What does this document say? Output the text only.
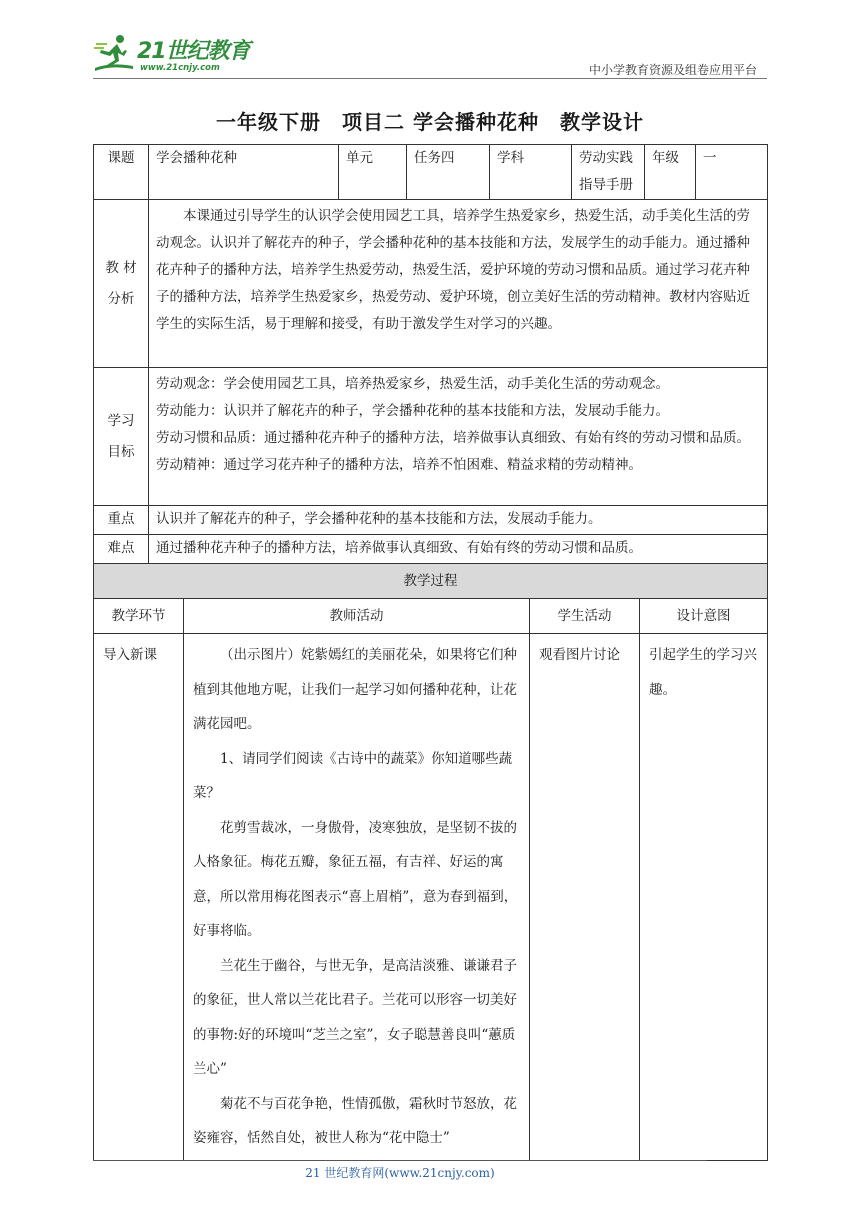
21世纪教育
www.21cnjy.com	中小学教育资源及组卷应用平台
一年级下册　项目二 学会播种花种　教学设计
课题	学会播种花种	单元	任务四	学科	劳动实践指导手册	年级	一
教 材 分析	本课通过引导学生的认识学会使用园艺工具，培养学生热爱家乡，热爱生活，动手美化生活的劳动观念。认识并了解花卉的种子，学会播种花种的基本技能和方法，发展学生的动手能力。通过播种花卉种子的播种方法，培养学生热爱劳动，热爱生活，爱护环境的劳动习惯和品质。通过学习花卉种子的播种方法，培养学生热爱家乡，热爱劳动、爱护环境，创立美好生活的劳动精神。教材内容贴近学生的实际生活，易于理解和接受，有助于激发学生对学习的兴趣。						

学习目标	劳动观念：学会使用园艺工具，培养热爱家乡，热爱生活，动手美化生活的劳动观念。
劳动能力：认识并了解花卉的种子，学会播种花种的基本技能和方法，发展动手能力。
劳动习惯和品质：通过播种花卉种子的播种方法，培养做事认真细致、有始有终的劳动习惯和品质。
劳动精神：通过学习花卉种子的播种方法，培养不怕困难、精益求精的劳动精神。						

重点	认识并了解花卉的种子，学会播种花种的基本技能和方法，发展动手能力。						
难点	通过播种花卉种子的播种方法，培养做事认真细致、有始有终的劳动习惯和品质。						
教学过程			
教学环节	教师活动	学生活动	设计意图
导入新课	（出示图片）姹紫嫣红的美丽花朵，如果将它们种植到其他地方呢，让我们一起学习如何播种花种，让花满花园吧。

1、请同学们阅读《古诗中的蔬菜》你知道哪些蔬菜？

花剪雪裁冰，一身傲骨，凌寒独放，是坚韧不拔的人格象征。梅花五瓣，象征五福，有吉祥、好运的寓意，所以常用梅花图表示“喜上眉梢”，意为春到福到，好事将临。

兰花生于幽谷，与世无争，是高洁淡雅、谦谦君子的象征，世人常以兰花比君子。兰花可以形容一切美好的事物:好的环境叫“芝兰之室”，女子聪慧善良叫“蕙质兰心”

菊花不与百花争艳，性情孤傲，霜秋时节怒放，花姿雍容，恬然自处，被世人称为“花中隐士”	观看图片讨论	引起学生的学习兴趣。
21 世纪教育网(www.21cnjy.com)
